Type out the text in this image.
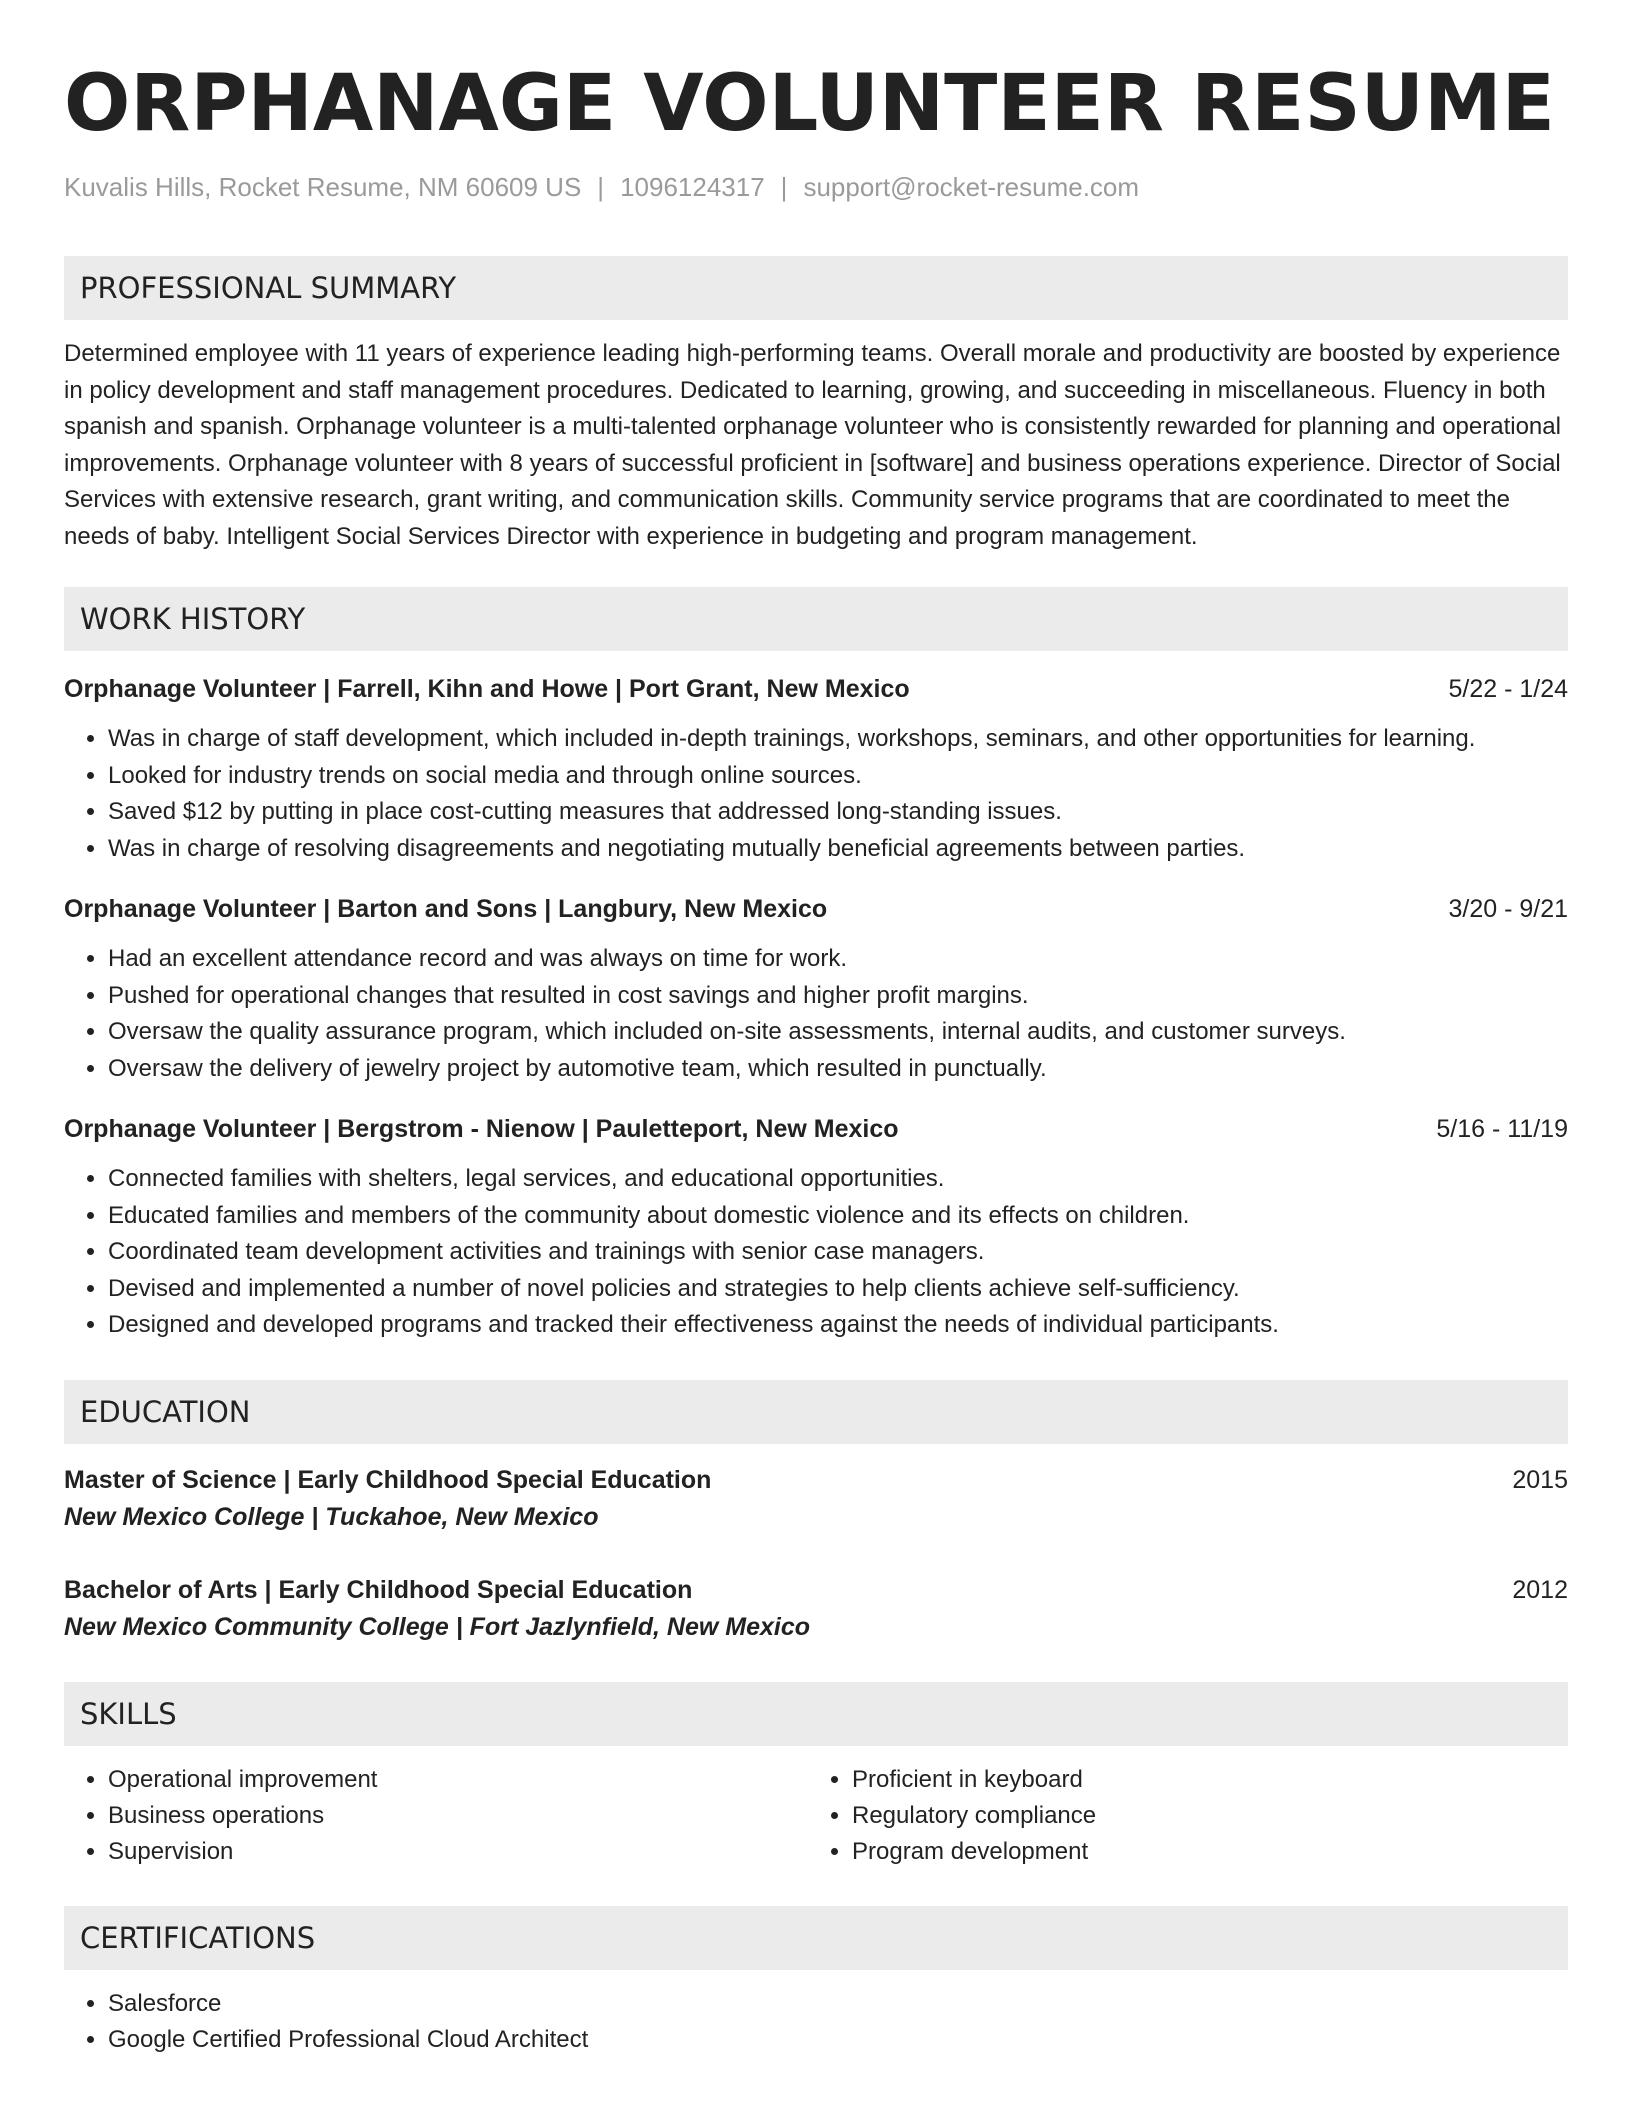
ORPHANAGE VOLUNTEER RESUME
Kuvalis Hills, Rocket Resume, NM 60609 US | 1096124317 | support@rocket-resume.com
PROFESSIONAL SUMMARY
Determined employee with 11 years of experience leading high-performing teams. Overall morale and productivity are boosted by experience in policy development and staff management procedures. Dedicated to learning, growing, and succeeding in miscellaneous. Fluency in both spanish and spanish. Orphanage volunteer is a multi-talented orphanage volunteer who is consistently rewarded for planning and operational improvements. Orphanage volunteer with 8 years of successful proficient in [software] and business operations experience. Director of Social Services with extensive research, grant writing, and communication skills. Community service programs that are coordinated to meet the needs of baby. Intelligent Social Services Director with experience in budgeting and program management.
WORK HISTORY
Orphanage Volunteer | Farrell, Kihn and Howe | Port Grant, New Mexico	5/22 - 1/24
• Was in charge of staff development, which included in-depth trainings, workshops, seminars, and other opportunities for learning.
• Looked for industry trends on social media and through online sources.
• Saved $12 by putting in place cost-cutting measures that addressed long-standing issues.
• Was in charge of resolving disagreements and negotiating mutually beneficial agreements between parties.
Orphanage Volunteer | Barton and Sons | Langbury, New Mexico	3/20 - 9/21
• Had an excellent attendance record and was always on time for work.
• Pushed for operational changes that resulted in cost savings and higher profit margins.
• Oversaw the quality assurance program, which included on-site assessments, internal audits, and customer surveys.
• Oversaw the delivery of jewelry project by automotive team, which resulted in punctually.
Orphanage Volunteer | Bergstrom - Nienow | Pauletteport, New Mexico	5/16 - 11/19
• Connected families with shelters, legal services, and educational opportunities.
• Educated families and members of the community about domestic violence and its effects on children.
• Coordinated team development activities and trainings with senior case managers.
• Devised and implemented a number of novel policies and strategies to help clients achieve self-sufficiency.
• Designed and developed programs and tracked their effectiveness against the needs of individual participants.
EDUCATION
Master of Science | Early Childhood Special Education	2015
New Mexico College | Tuckahoe, New Mexico
Bachelor of Arts | Early Childhood Special Education	2012
New Mexico Community College | Fort Jazlynfield, New Mexico
SKILLS
• Operational improvement
• Business operations
• Supervision
• Proficient in keyboard
• Regulatory compliance
• Program development
CERTIFICATIONS
• Salesforce
• Google Certified Professional Cloud Architect
